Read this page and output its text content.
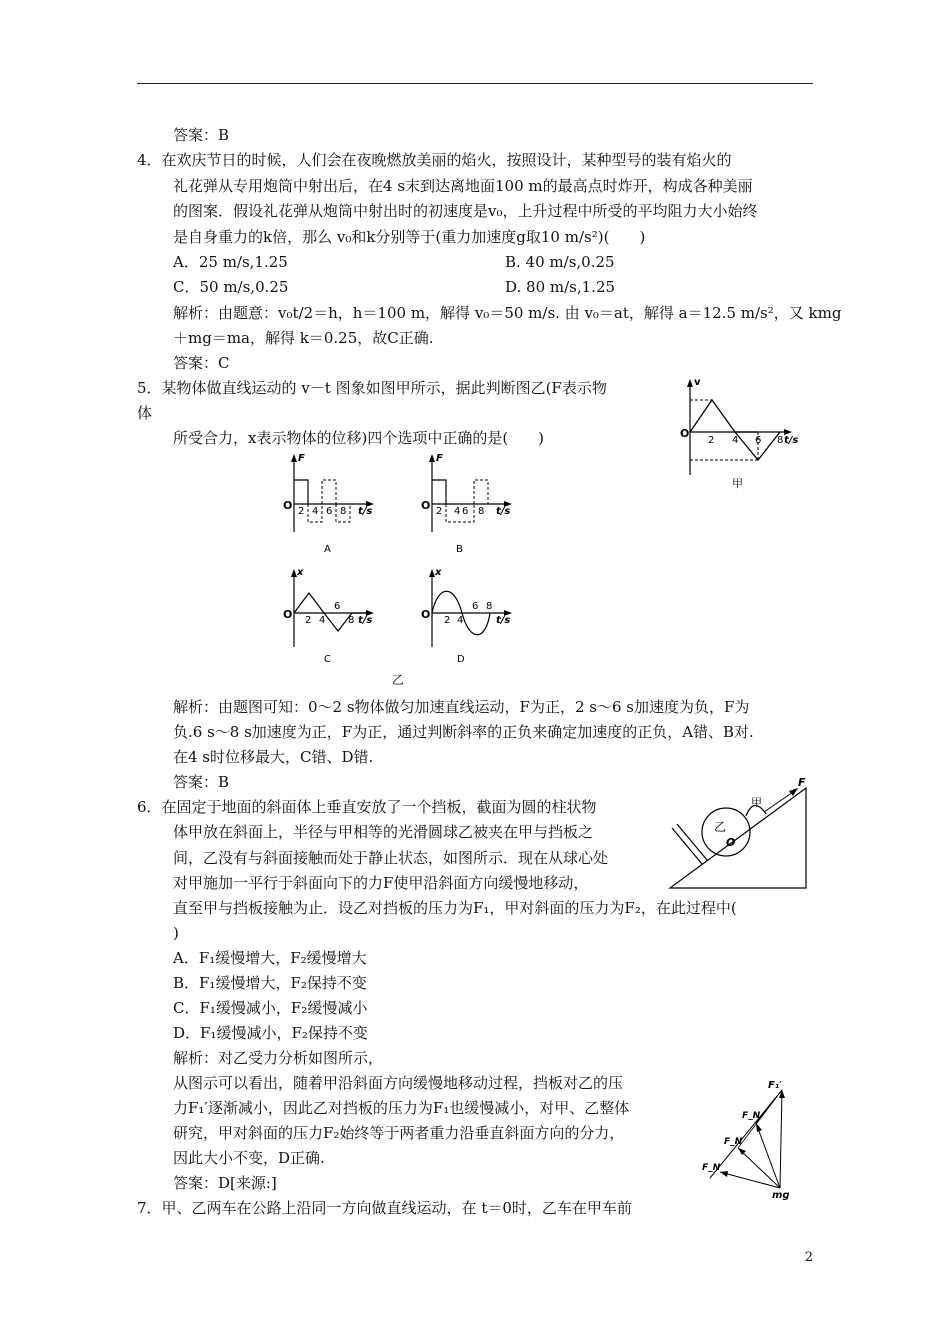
答案：B
4．在欢庆节日的时候，人们会在夜晚燃放美丽的焰火，按照设计，某种型号的装有焰火的
礼花弹从专用炮筒中射出后，在4 s末到达离地面100 m的最高点时炸开，构成各种美丽
的图案．假设礼花弹从炮筒中射出时的初速度是v₀，上升过程中所受的平均阻力大小始终
是自身重力的k倍，那么 v₀和k分别等于(重力加速度g取10 m/s²)(　　)
A．25 m/s,1.25	B. 40 m/s,0.25
C．50 m/s,0.25	D. 80 m/s,1.25
解析：由题意：v₀t/2＝h，h＝100 m，解得 v₀＝50 m/s. 由 v₀＝at，解得 a＝12.5 m/s²，又 kmg
＋mg＝ma，解得 k＝0.25，故C正确.
答案：C
5．某物体做直线运动的 v－t 图象如图甲所示，据此判断图乙(F表示物
体
所受合力，x表示物体的位移)四个选项中正确的是(　　)
v
O
2 4 6 8 t/s
甲
F
O 2 4 6 8 t/s
A
F
O 2 4 6 8 t/s
B
x
O 2 4
6
8 t/s
C
x
O 2 4
6 8
t/s
D
乙
解析：由题图可知：0～2 s物体做匀加速直线运动，F为正，2 s～6 s加速度为负，F为
负.6 s～8 s加速度为正，F为正，通过判断斜率的正负来确定加速度的正负，A错、B对.
在4 s时位移最大，C错、D错.
答案：B
6．在固定于地面的斜面体上垂直安放了一个挡板，截面为圆的柱状物
体甲放在斜面上，半径与甲相等的光滑圆球乙被夹在甲与挡板之
间，乙没有与斜面接触而处于静止状态，如图所示．现在从球心处
对甲施加一平行于斜面向下的力F使甲沿斜面方向缓慢地移动，
直至甲与挡板接触为止．设乙对挡板的压力为F₁，甲对斜面的压力为F₂，在此过程中(
)
A．F₁缓慢增大，F₂缓慢增大
B．F₁缓慢增大，F₂保持不变
C．F₁缓慢减小，F₂缓慢减小
D．F₁缓慢减小，F₂保持不变
解析：对乙受力分析如图所示，
从图示可以看出，随着甲沿斜面方向缓慢地移动过程，挡板对乙的压
力F₁′逐渐减小，因此乙对挡板的压力为F₁也缓慢减小，对甲、乙整体
研究，甲对斜面的压力F₂始终等于两者重力沿垂直斜面方向的分力，
因此大小不变，D正确.
答案：D[来源:]
7．甲、乙两车在公路上沿同一方向做直线运动，在 t＝0时，乙车在甲车前
乙
O′
甲
F
F₁′
F_N
F_N
F_N
mg
2
